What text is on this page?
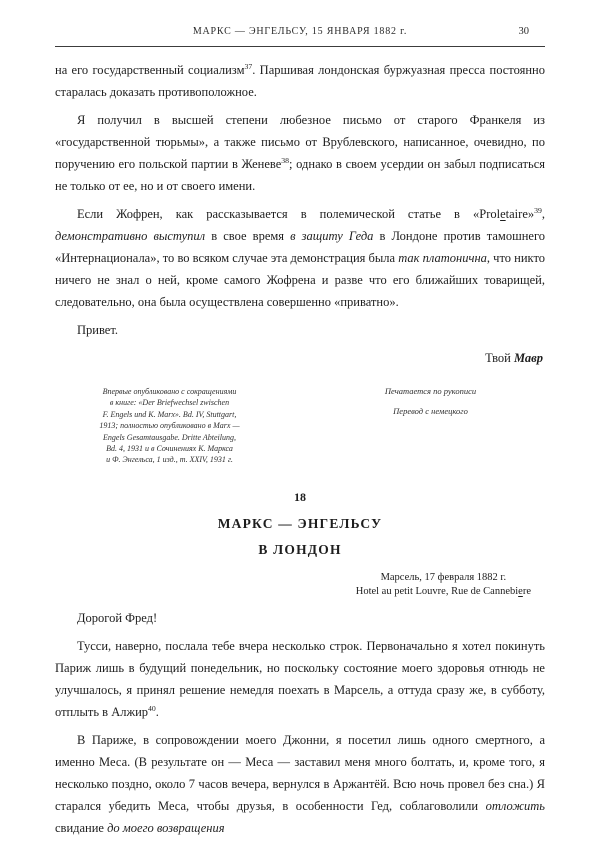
МАРКС — ЭНГЕЛЬСУ, 15 ЯНВАРЯ 1882 г.	30

на его государственный социализм$^{37}$. Паршивая лондонская буржуазная пресса постоянно старалась доказать противоположное.

Я получил в высшей степени любезное письмо от старого Франкеля из «государственной тюрьмы», а также письмо от Врублевского, написанное, очевидно, по поручению его польской партии в Женеве$^{38}$; однако в своем усердии он забыл подписаться не только от ее, но и от своего имени.

Если Жофрен, как рассказывается в полемической статье в «Proletaire»$^{39}$, демонстративно выступил в свое время в защиту Геда в Лондоне против тамошнего «Интернационала», то во всяком случае эта демонстрация была так платонична, что никто ничего не знал о ней, кроме самого Жофрена и разве что его ближайших товарищей, следовательно, она была осуществлена совершенно «приватно».

Привет.

Твой Мавр
Впервые опубликовано с сокращениями
в книге: «Der Briefwechsel zwischen
F. Engels und K. Marx». Bd. IV, Stuttgart,
1913; полностью опубликовано в Marx —
Engels Gesamtausgabe. Dritte Abteilung,
Bd. 4, 1931 и в Сочинениях К. Маркса
и Ф. Энгельса, 1 изд., т. XXIV, 1931 г.
Печатается по рукописи
Перевод с немецкого
18
МАРКС — ЭНГЕЛЬСУ
В ЛОНДОН
Марсель, 17 февраля 1882 г.
Hotel au petit Louvre, Rue de Cannebiere

Дорогой Фред!

Тусси, наверно, послала тебе вчера несколько строк. Первоначально я хотел покинуть Париж лишь в будущий понедельник, но поскольку состояние моего здоровья отнюдь не улучшалось, я принял решение немедля поехать в Марсель, а оттуда сразу же, в субботу, отплыть в Алжир$^{40}$.

В Париже, в сопровождении моего Джонни, я посетил лишь одного смертного, а именно Меса. (В результате он — Меса — заставил меня много болтать, и, кроме того, я несколько поздно, около 7 часов вечера, вернулся в Аржантёй. Всю ночь провел без сна.) Я старался убедить Меса, чтобы друзья, в особенности Гед, соблаговолили отложить свидание до моего возвращения
